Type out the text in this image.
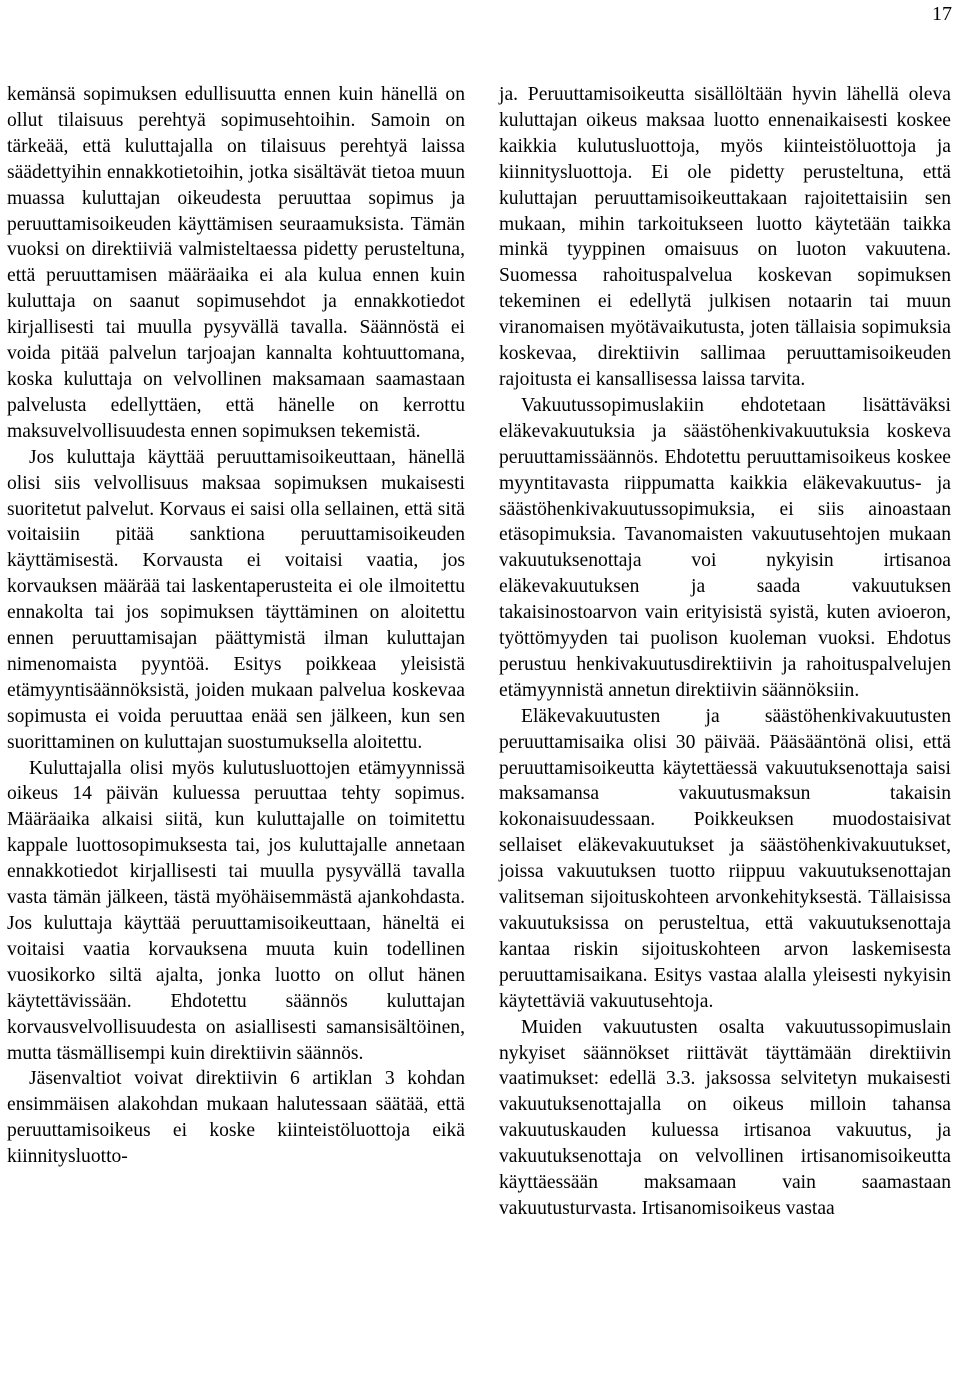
17

kemänsä sopimuksen edullisuutta ennen kuin hänellä on ollut tilaisuus perehtyä sopimusehtoihin. Samoin on tärkeää, että kuluttajalla on tilaisuus perehtyä laissa säädettyihin ennakkotietoihin, jotka sisältävät tietoa muun muassa kuluttajan oikeudesta peruuttaa sopimus ja peruuttamisoikeuden käyttämisen seuraamuksista. Tämän vuoksi on direktiiviä valmisteltaessa pidetty perusteltuna, että peruuttamisen määräaika ei ala kulua ennen kuin kuluttaja on saanut sopimusehdot ja ennakkotiedot kirjallisesti tai muulla pysyvällä tavalla. Säännöstä ei voida pitää palvelun tarjoajan kannalta kohtuuttomana, koska kuluttaja on velvollinen maksamaan saamastaan palvelusta edellyttäen, että hänelle on kerrottu maksuvelvollisuudesta ennen sopimuksen tekemistä.

Jos kuluttaja käyttää peruuttamisoikeuttaan, hänellä olisi siis velvollisuus maksaa sopimuksen mukaisesti suoritetut palvelut. Korvaus ei saisi olla sellainen, että sitä voitaisiin pitää sanktiona peruuttamisoikeuden käyttämisestä. Korvausta ei voitaisi vaatia, jos korvauksen määrää tai laskentaperusteita ei ole ilmoitettu ennakolta tai jos sopimuksen täyttäminen on aloitettu ennen peruuttamisajan päättymistä ilman kuluttajan nimenomaista pyyntöä. Esitys poikkeaa yleisistä etämyyntisäännöksistä, joiden mukaan palvelua koskevaa sopimusta ei voida peruuttaa enää sen jälkeen, kun sen suorittaminen on kuluttajan suostumuksella aloitettu.

Kuluttajalla olisi myös kulutusluottojen etämyynnissä oikeus 14 päivän kuluessa peruuttaa tehty sopimus. Määräaika alkaisi siitä, kun kuluttajalle on toimitettu kappale luottosopimuksesta tai, jos kuluttajalle annetaan ennakkotiedot kirjallisesti tai muulla pysyvällä tavalla vasta tämän jälkeen, tästä myöhäisemmästä ajankohdasta. Jos kuluttaja käyttää peruuttamisoikeuttaan, häneltä ei voitaisi vaatia korvauksena muuta kuin todellinen vuosikorko siltä ajalta, jonka luotto on ollut hänen käytettävissään. Ehdotettu säännös kuluttajan korvausvelvollisuudesta on asiallisesti samansisältöinen, mutta täsmällisempi kuin direktiivin säännös.

Jäsenvaltiot voivat direktiivin 6 artiklan 3 kohdan ensimmäisen alakohdan mukaan halutessaan säätää, että peruuttamisoikeus ei koske kiinteistöluottoja eikä kiinnitysluotto-

ja. Peruuttamisoikeutta sisällöltään hyvin lähellä oleva kuluttajan oikeus maksaa luotto ennenaikaisesti koskee kaikkia kulutusluottoja, myös kiinteistöluottoja ja kiinnitysluottoja. Ei ole pidetty perusteltuna, että kuluttajan peruuttamisoikeuttakaan rajoitettaisiin sen mukaan, mihin tarkoitukseen luotto käytetään taikka minkä tyyppinen omaisuus on luoton vakuutena. Suomessa rahoituspalvelua koskevan sopimuksen tekeminen ei edellytä julkisen notaarin tai muun viranomaisen myötävaikutusta, joten tällaisia sopimuksia koskevaa, direktiivin sallimaa peruuttamisoikeuden rajoitusta ei kansallisessa laissa tarvita.

Vakuutussopimuslakiin ehdotetaan lisättäväksi eläkevakuutuksia ja säästöhenkivakuutuksia koskeva peruuttamissäännös. Ehdotettu peruuttamisoikeus koskee myyntitavasta riippumatta kaikkia eläkevakuutus- ja säästöhenkivakuutussopimuksia, ei siis ainoastaan etäsopimuksia. Tavanomaisten vakuutusehtojen mukaan vakuutuksenottaja voi nykyisin irtisanoa eläkevakuutuksen ja saada vakuutuksen takaisinostoarvon vain erityisistä syistä, kuten avioeron, työttömyyden tai puolison kuoleman vuoksi. Ehdotus perustuu henkivakuutusdirektiivin ja rahoituspalvelujen etämyynnistä annetun direktiivin säännöksiin.

Eläkevakuutusten ja säästöhenkivakuutusten peruuttamisaika olisi 30 päivää. Pääsääntönä olisi, että peruuttamisoikeutta käytettäessä vakuutuksenottaja saisi maksamansa vakuutusmaksun takaisin kokonaisuudessaan. Poikkeuksen muodostaisivat sellaiset eläkevakuutukset ja säästöhenkivakuutukset, joissa vakuutuksen tuotto riippuu vakuutuksenottajan valitseman sijoituskohteen arvonkehityksestä. Tällaisissa vakuutuksissa on perusteltua, että vakuutuksenottaja kantaa riskin sijoituskohteen arvon laskemisesta peruuttamisaikana. Esitys vastaa alalla yleisesti nykyisin käytettäviä vakuutusehtoja.

Muiden vakuutusten osalta vakuutussopimuslain nykyiset säännökset riittävät täyttämään direktiivin vaatimukset: edellä 3.3. jaksossa selvitetyn mukaisesti vakuutuksenottajalla on oikeus milloin tahansa vakuutuskauden kuluessa irtisanoa vakuutus, ja vakuutuksenottaja on velvollinen irtisanomisoikeutta käyttäessään maksamaan vain saamastaan vakuutusturvasta. Irtisanomisoikeus vastaa
